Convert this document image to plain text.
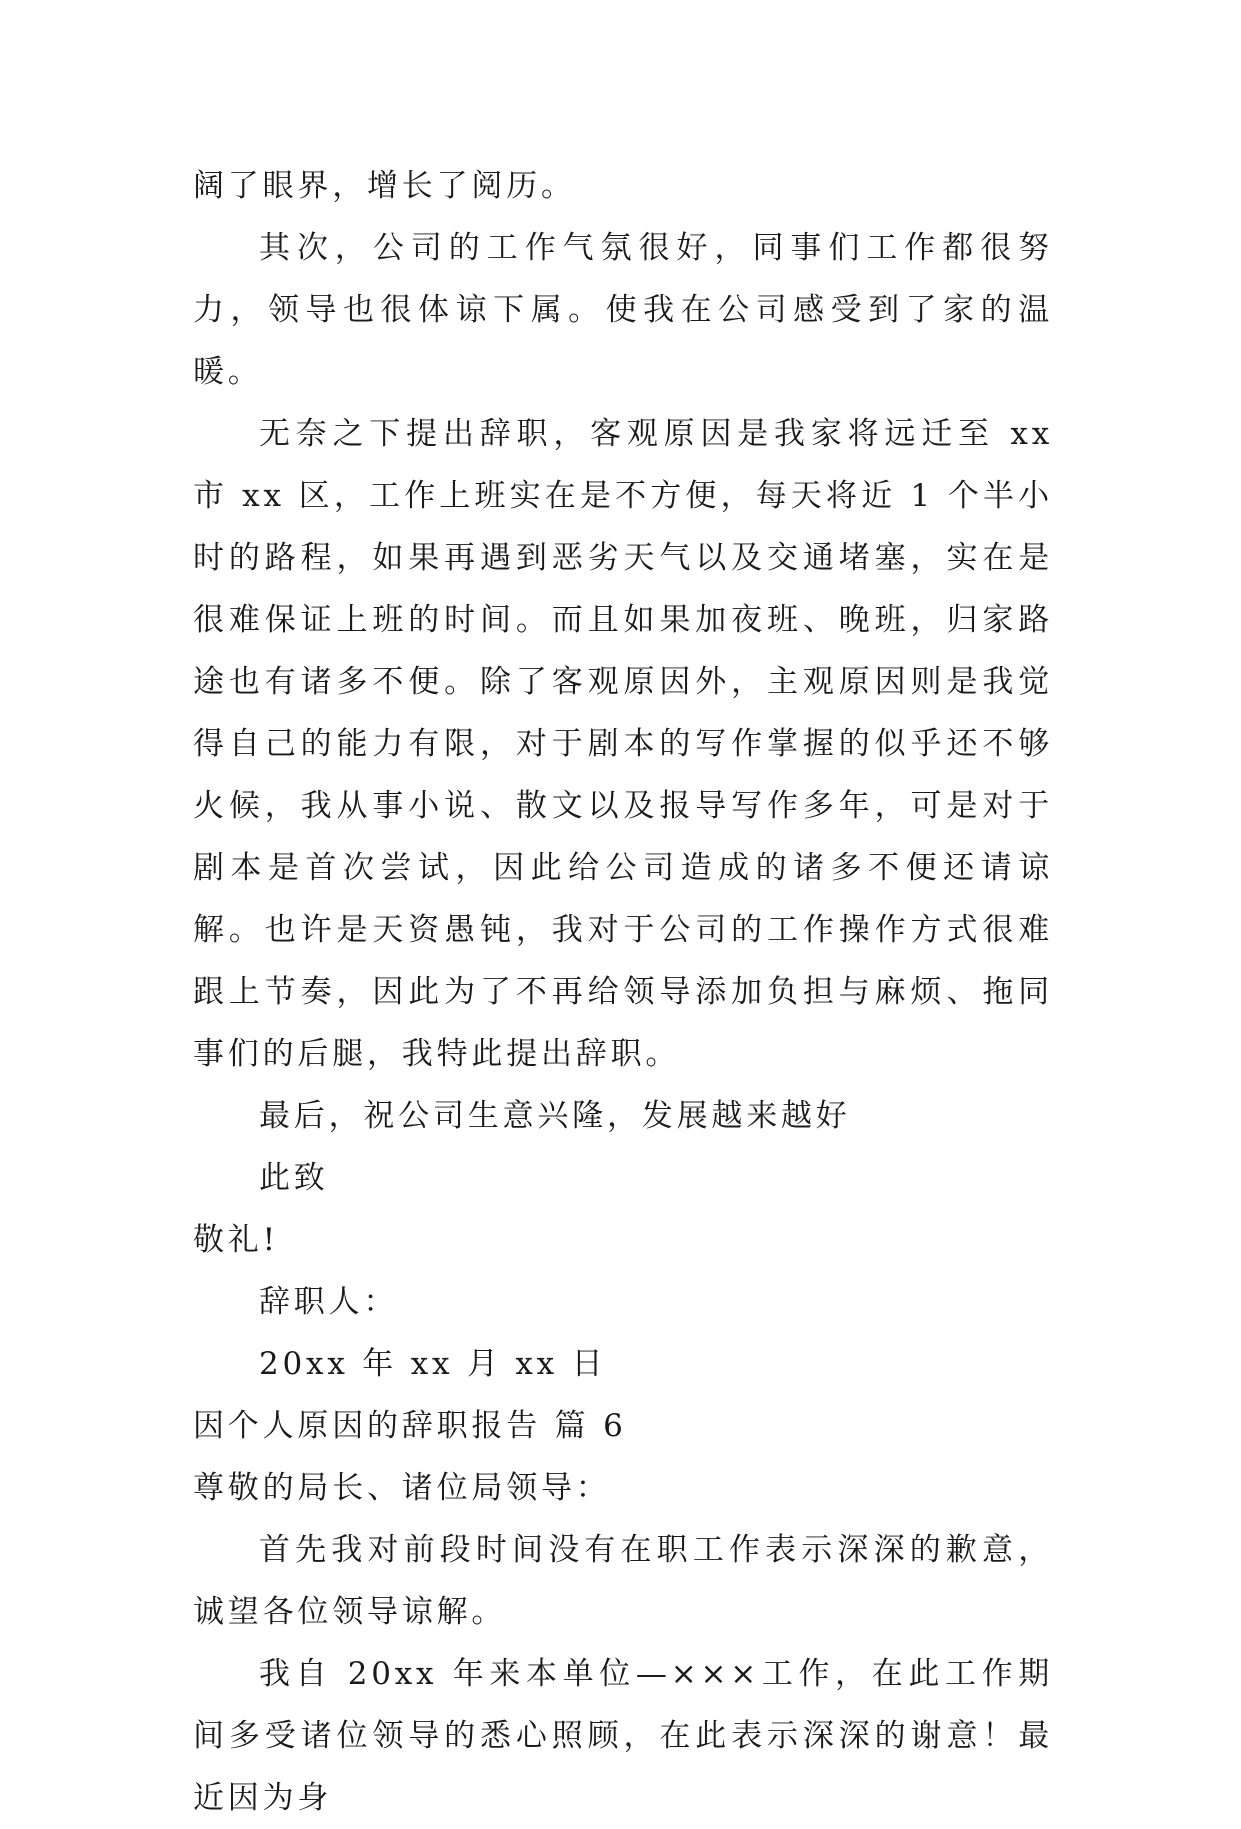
阔了眼界，增长了阅历。

其次，公司的工作气氛很好，同事们工作都很努力，领导也很体谅下属。使我在公司感受到了家的温暖。

无奈之下提出辞职，客观原因是我家将远迁至 xx 市 xx 区，工作上班实在是不方便，每天将近 1 个半小时的路程，如果再遇到恶劣天气以及交通堵塞，实在是很难保证上班的时间。而且如果加夜班、晚班，归家路途也有诸多不便。除了客观原因外，主观原因则是我觉得自己的能力有限，对于剧本的写作掌握的似乎还不够火候，我从事小说、散文以及报导写作多年，可是对于剧本是首次尝试，因此给公司造成的诸多不便还请谅解。也许是天资愚钝，我对于公司的工作操作方式很难跟上节奏，因此为了不再给领导添加负担与麻烦、拖同事们的后腿，我特此提出辞职。

最后，祝公司生意兴隆，发展越来越好

此致

敬礼!

辞职人：

20xx 年 xx 月 xx 日

因个人原因的辞职报告 篇 6

尊敬的局长、诸位局领导：

首先我对前段时间没有在职工作表示深深的歉意，诚望各位领导谅解。

我自 20xx 年来本单位—×××工作，在此工作期间多受诸位领导的悉心照顾，在此表示深深的谢意！最近因为身
